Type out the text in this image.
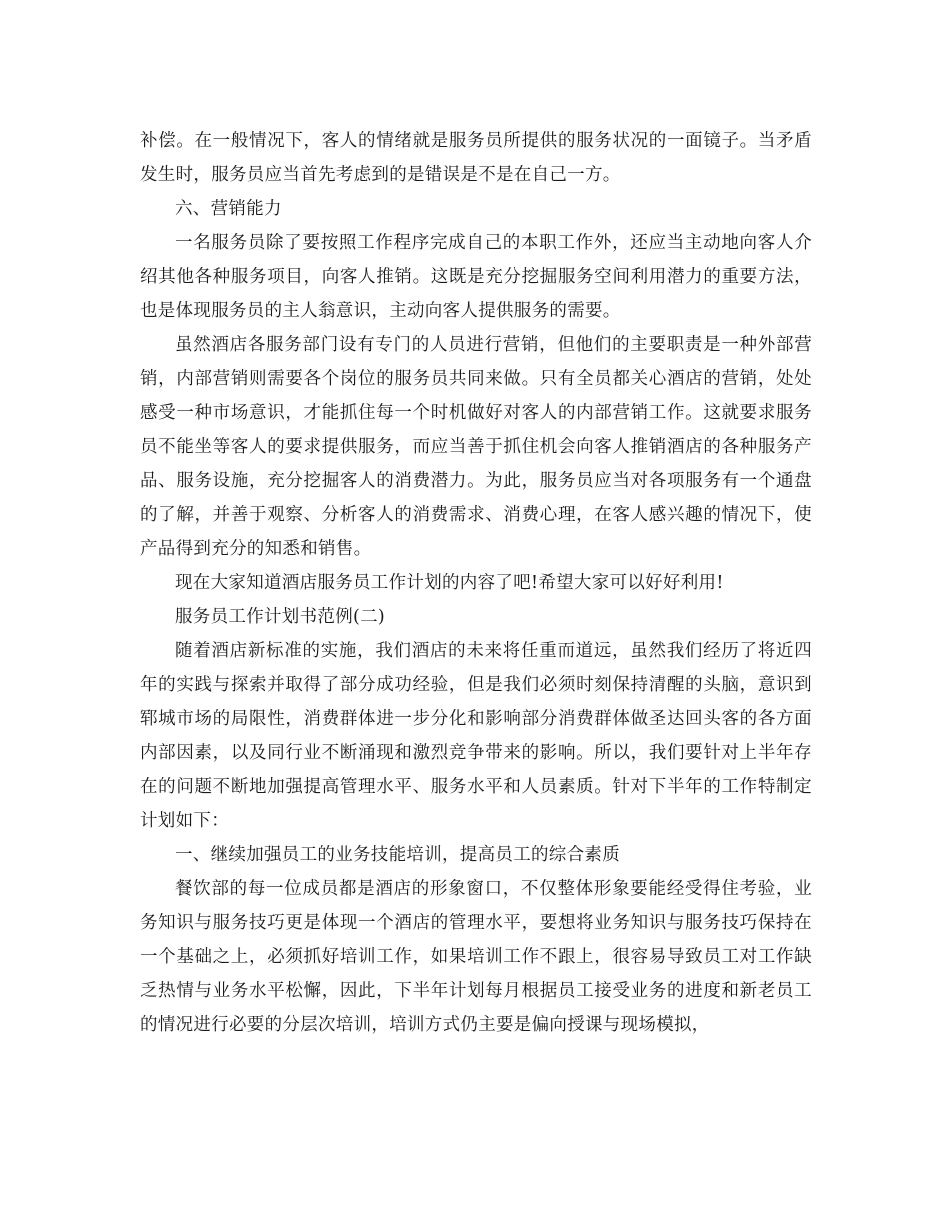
补偿。在一般情况下，客人的情绪就是服务员所提供的服务状况的一面镜子。当矛盾发生时，服务员应当首先考虑到的是错误是不是在自己一方。

六、营销能力

一名服务员除了要按照工作程序完成自己的本职工作外，还应当主动地向客人介绍其他各种服务项目，向客人推销。这既是充分挖掘服务空间利用潜力的重要方法，也是体现服务员的主人翁意识，主动向客人提供服务的需要。

虽然酒店各服务部门设有专门的人员进行营销，但他们的主要职责是一种外部营销，内部营销则需要各个岗位的服务员共同来做。只有全员都关心酒店的营销，处处感受一种市场意识，才能抓住每一个时机做好对客人的内部营销工作。这就要求服务员不能坐等客人的要求提供服务，而应当善于抓住机会向客人推销酒店的各种服务产品、服务设施，充分挖掘客人的消费潜力。为此，服务员应当对各项服务有一个通盘的了解，并善于观察、分析客人的消费需求、消费心理，在客人感兴趣的情况下，使产品得到充分的知悉和销售。

现在大家知道酒店服务员工作计划的内容了吧!希望大家可以好好利用!

服务员工作计划书范例(二)

随着酒店新标准的实施，我们酒店的未来将任重而道远，虽然我们经历了将近四年的实践与探索并取得了部分成功经验，但是我们必须时刻保持清醒的头脑，意识到郓城市场的局限性，消费群体进一步分化和影响部分消费群体做圣达回头客的各方面内部因素，以及同行业不断涌现和激烈竞争带来的影响。所以，我们要针对上半年存在的问题不断地加强提高管理水平、服务水平和人员素质。针对下半年的工作特制定计划如下：

一、继续加强员工的业务技能培训，提高员工的综合素质

餐饮部的每一位成员都是酒店的形象窗口，不仅整体形象要能经受得住考验，业务知识与服务技巧更是体现一个酒店的管理水平，要想将业务知识与服务技巧保持在一个基础之上，必须抓好培训工作，如果培训工作不跟上，很容易导致员工对工作缺乏热情与业务水平松懈，因此，下半年计划每月根据员工接受业务的进度和新老员工的情况进行必要的分层次培训，培训方式仍主要是偏向授课与现场模拟，
